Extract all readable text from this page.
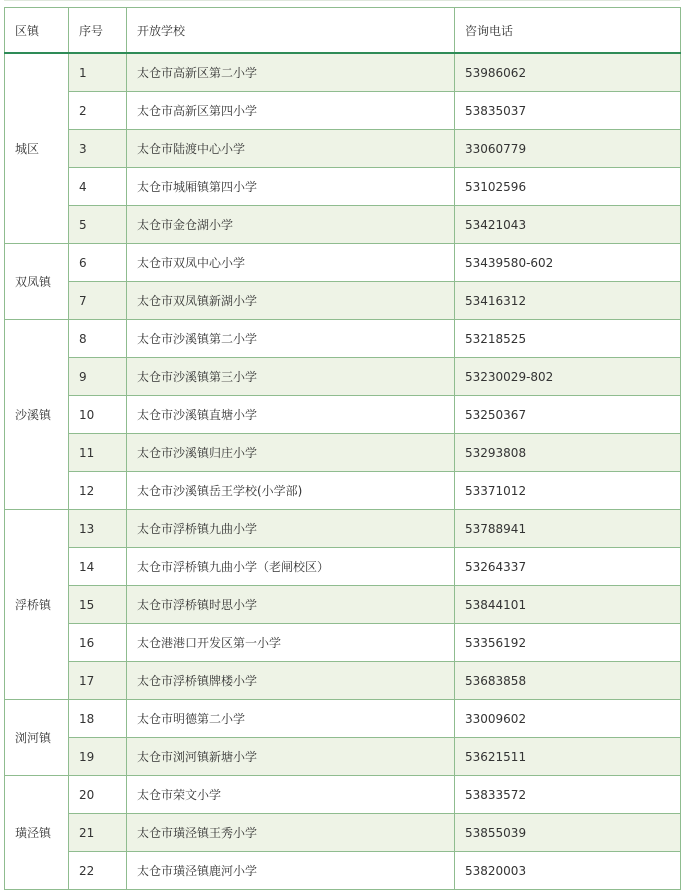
区镇	序号	开放学校	咨询电话
城区	1	太仓市高新区第二小学	53986062
	2	太仓市高新区第四小学	53835037
	3	太仓市陆渡中心小学	33060779
	4	太仓市城厢镇第四小学	53102596
	5	太仓市金仓湖小学	53421043
双凤镇	6	太仓市双凤中心小学	53439580-602
	7	太仓市双凤镇新湖小学	53416312
沙溪镇	8	太仓市沙溪镇第二小学	53218525
	9	太仓市沙溪镇第三小学	53230029-802
	10	太仓市沙溪镇直塘小学	53250367
	11	太仓市沙溪镇归庄小学	53293808
	12	太仓市沙溪镇岳王学校(小学部)	53371012
浮桥镇	13	太仓市浮桥镇九曲小学	53788941
	14	太仓市浮桥镇九曲小学（老闸校区）	53264337
	15	太仓市浮桥镇时思小学	53844101
	16	太仓港港口开发区第一小学	53356192
	17	太仓市浮桥镇牌楼小学	53683858
浏河镇	18	太仓市明德第二小学	33009602
	19	太仓市浏河镇新塘小学	53621511
璜泾镇	20	太仓市荣文小学	53833572
	21	太仓市璜泾镇王秀小学	53855039
	22	太仓市璜泾镇鹿河小学	53820003
